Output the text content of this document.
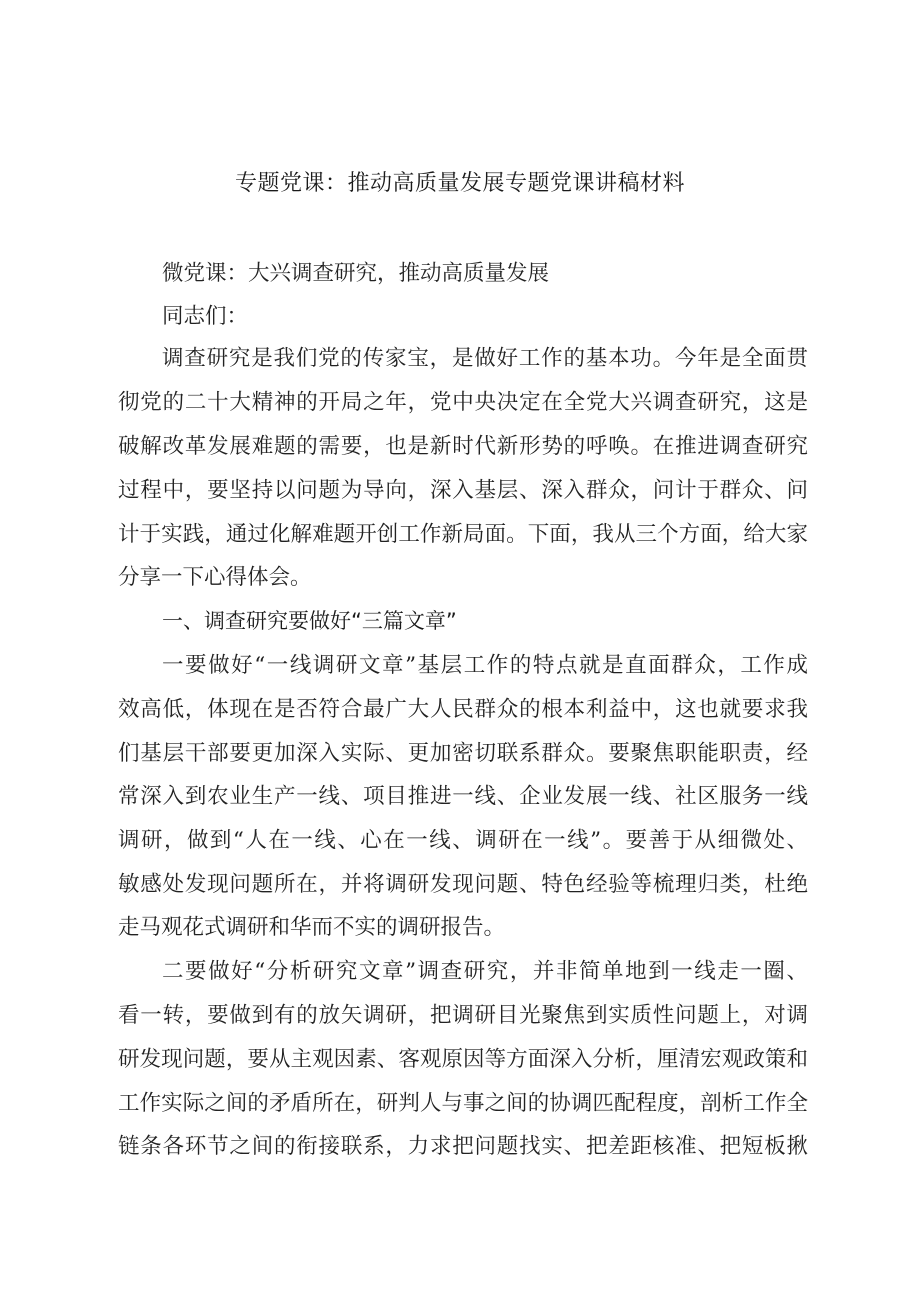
专题党课：推动高质量发展专题党课讲稿材料
微党课：大兴调查研究，推动高质量发展
同志们：
调查研究是我们党的传家宝，是做好工作的基本功。今年是全面贯
彻党的二十大精神的开局之年，党中央决定在全党大兴调查研究，这是
破解改革发展难题的需要，也是新时代新形势的呼唤。在推进调查研究
过程中，要坚持以问题为导向，深入基层、深入群众，问计于群众、问
计于实践，通过化解难题开创工作新局面。下面，我从三个方面，给大家
分享一下心得体会。
一、调查研究要做好“三篇文章”
一要做好“一线调研文章”基层工作的特点就是直面群众，工作成
效高低，体现在是否符合最广大人民群众的根本利益中，这也就要求我
们基层干部要更加深入实际、更加密切联系群众。要聚焦职能职责，经
常深入到农业生产一线、项目推进一线、企业发展一线、社区服务一线
调研，做到“人在一线、心在一线、调研在一线”。要善于从细微处、
敏感处发现问题所在，并将调研发现问题、特色经验等梳理归类，杜绝
走马观花式调研和华而不实的调研报告。
二要做好“分析研究文章”调查研究，并非简单地到一线走一圈、
看一转，要做到有的放矢调研，把调研目光聚焦到实质性问题上，对调
研发现问题，要从主观因素、客观原因等方面深入分析，厘清宏观政策和
工作实际之间的矛盾所在，研判人与事之间的协调匹配程度，剖析工作全
链条各环节之间的衔接联系，力求把问题找实、把差距核准、把短板揪
